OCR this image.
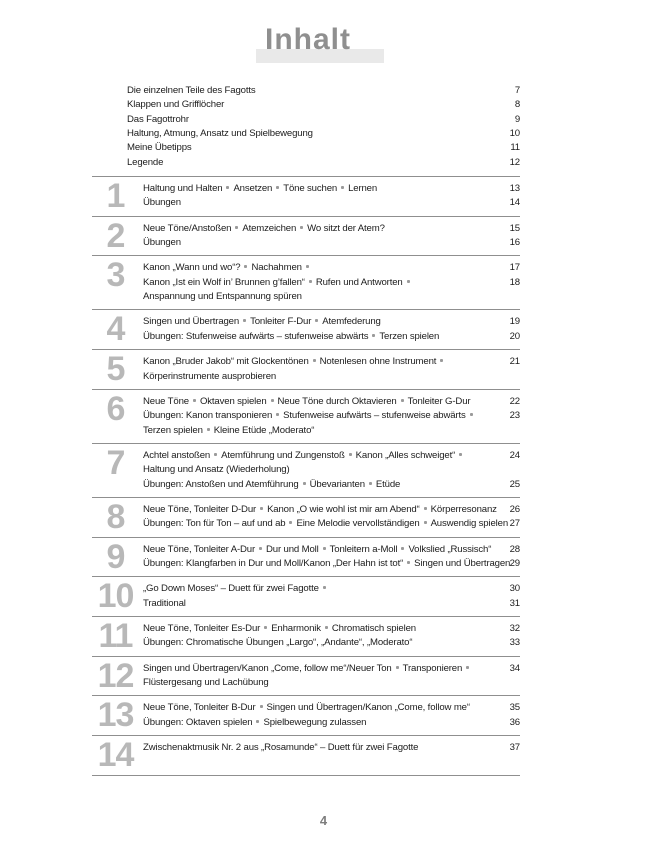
Inhalt
Die einzelnen Teile des Fagotts	7
Klappen und Grifflöcher	8
Das Fagottrohr	9
Haltung, Atmung, Ansatz und Spielbewegung	10
Meine Übetipps	11
Legende	12
1	Haltung und Halten Ansetzen Töne suchen Lernen	13
Übungen	14
2	Neue Töne/Anstoßen Atemzeichen Wo sitzt der Atem?	15
Übungen	16
3	Kanon „Wann und wo“? Nachahmen	17
Kanon „Ist ein Wolf in’ Brunnen g’fallen“ Rufen und Antworten	18
Anspannung und Entspannung spüren
4	Singen und Übertragen Tonleiter F-Dur Atemfederung	19
Übungen: Stufenweise aufwärts – stufenweise abwärts Terzen spielen	20
5	Kanon „Bruder Jakob“ mit Glockentönen Notenlesen ohne Instrument	21
Körperinstrumente ausprobieren
6	Neue Töne Oktaven spielen Neue Töne durch Oktavieren Tonleiter G-Dur	22
Übungen: Kanon transponieren Stufenweise aufwärts – stufenweise abwärts	23
Terzen spielen Kleine Etüde „Moderato“
7	Achtel anstoßen Atemführung und Zungenstoß Kanon „Alles schweiget“	24
Haltung und Ansatz (Wiederholung)
Übungen: Anstoßen und Atemführung Übevarianten Etüde	25
8	Neue Töne, Tonleiter D-Dur Kanon „O wie wohl ist mir am Abend“ Körperresonanz	26
Übungen: Ton für Ton – auf und ab Eine Melodie vervollständigen Auswendig spielen 27
9	Neue Töne, Tonleiter A-Dur Dur und Moll Tonleitern a-Moll Volkslied „Russisch“	28
Übungen: Klangfarben in Dur und Moll/Kanon „Der Hahn ist tot“ Singen und Übertragen 29
10 „Go Down Moses“ – Duett für zwei Fagotte	30
Traditional	31
11	Neue Töne, Tonleiter Es-Dur Enharmonik Chromatisch spielen	32
Übungen: Chromatische Übungen „Largo“, „Andante“, „Moderato“	33
12 Singen und Übertragen/Kanon „Come, follow me“/Neuer Ton Transponieren	34
Flüstergesang und Lachübung
13 Neue Töne, Tonleiter B-Dur Singen und Übertragen/Kanon „Come, follow me“	35
Übungen: Oktaven spielen Spielbewegung zulassen	36
14 Zwischenaktmusik Nr. 2 aus „Rosamunde“ – Duett für zwei Fagotte	37
4
